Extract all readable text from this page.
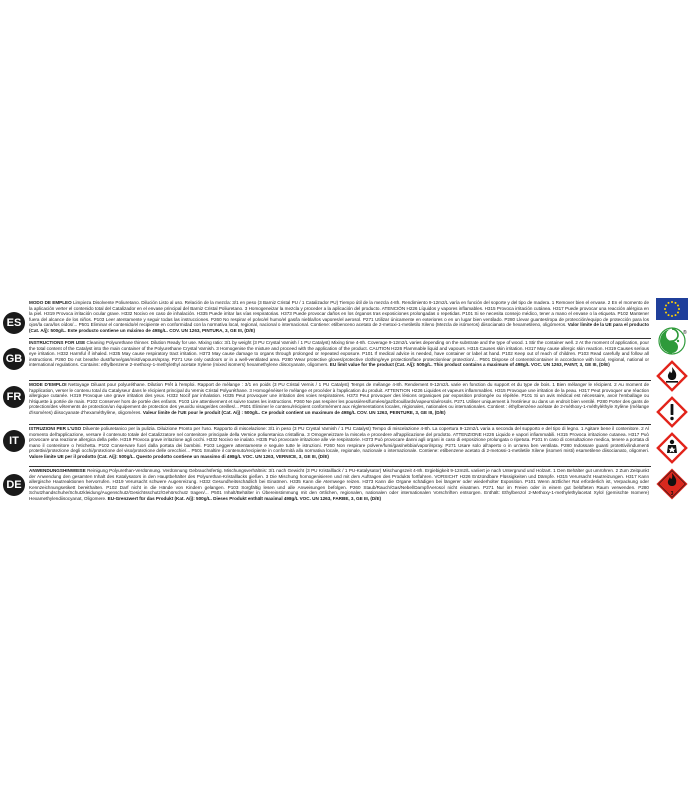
ES

MODO DE EMPLEO Limpieza Disolvente Poliuretano. Dilución Listo al uso. Relación de la mezcla: 3/1 en peso (3 Barniz Cristal PU / 1 Catalizador PU) Tiempo útil de la mezcla 4-8h. Rendimiento 9-12m2/L varía en función del soporte y del tipo de madera. 1 Remover bien el envase. 2 En el momento de la aplicación verter el contenido total del Catalizador en el envase principal del Barniz Cristal Poliuretano. 3 Homogeneizar la mezcla y proceder a la aplicación del producto. ATENCIÓN H226 Líquidos y vapores inflamables. H315 Provoca irritación cutánea. H317 Puede provocar una reacción alérgica en la piel. H319 Provoca irritación ocular grave. H332 Nocivo en caso de inhalación. H335 Puede irritar las vías respiratorias. H373 Puede provocar daños en los órganos tras exposiciones prolongadas o repetidas. P101 Si se necesita consejo médico, tener a mano el envase o la etiqueta. P102 Mantener fuera del alcance de los niños. P103 Leer atentamente y seguir todas las instrucciones. P260 No respirar el polvo/el humo/el gas/la niebla/los vapores/el aerosol. P271 Utilizar únicamente en exteriores o en un lugar bien ventilado. P280 Llevar guantes/ropa de protección/equipo de protección para los ojos/la cara/los oídos/... P501 Eliminar el contenido/el recipiente en conformidad con la normativa local, regional, nacional o internacional. Contiene: etilbenceno acetato de 2-metoxi-1-metiletilo Xileno (Mezcla de isómeros) diisocianato de hexametileno, oligómeros. Valor límite de la UE para el producto (Cat. A/j): 500g/L. Este producto contiene un máximo de 498g/L. COV. UN 1263, PINTURA, 3, GE III, (D/E)

GB

INSTRUCTIONS FOR USE Cleaning Polyurethane thinner. Dilution Ready for use. Mixing ratio: 3/1 by weight (3 PU Crystal Varnish / 1 PU Catalyst) Mixing time 4-8h. Coverage 9-12m2/L varies depending on the substrate and the type of wood. 1 Stir the container well. 2 At the moment of application, pour the total content of the Catalyst into the main container of the Polyurethane Crystal Varnish. 3 Homogenise the mixture and proceed with the application of the product. CAUTION H226 Flammable liquid and vapours. H315 Causes skin irritation. H317 May cause allergic skin reaction. H319 Causes serious eye irritation. H332 Harmful if inhaled. H335 May cause respiratory tract irritation. H373 May cause damage to organs through prolonged or repeated exposure. P101 If medical advice is needed, have container or label at hand. P102 Keep out of reach of children. P103 Read carefully and follow all instructions. P260 Do not breathe dust/fume/gas/mist/vapours/spray. P271 Use only outdoors or in a well-ventilated area. P280 Wear protective gloves/protective clothing/eye protection/face protection/ear protection/... P501 Dispose of contents/container in accordance with local, regional, national or international regulations. Contains: ethylbenzene 2-methoxy-1-methylethyl acetate Xylene (mixed isomers) hexamethylene diisocyanate, oligomers. EU limit value for the product (Cat. A/j): 500g/L. This product contains a maximum of 498g/L VOC. UN 1263, PAINT, 3, GE III, (D/E)

FR

MODE D'EMPLOI Nettoyage Diluant pour polyuréthane. Dilution Prêt à l'emploi. Rapport de mélange : 3/1 en poids (3 PU Cristal Vernis / 1 PU Catalyst) Temps de mélange 4-8h. Rendement 9-12m2/L varie en fonction du support et du type de bois. 1 Bien mélanger le récipient. 2 Au moment de l'application, verser le contenu total du Catalyseur dans le récipient principal du Vernis Cristal Polyuréthane. 3 Homogénéiser le mélange et procéder à l'application du produit. ATTENTION H226 Liquides et vapeurs inflammables. H315 Provoque une irritation de la peau. H317 Peut provoquer une réaction allergique cutanée. H319 Provoque une grave irritation des yeux. H332 Nocif par inhalation. H335 Peut provoquer une irritation des voies respiratoires. H373 Peut provoquer des lésions organiques par exposition prolongée ou répétée. P101 Si un avis médical est nécessaire, avoir l'emballage ou l'étiquette à portée de main. P102 Conserver hors de portée des enfants. P103 Lire attentivement et suivre toutes les instructions. P260 Ne pas respirer les poussières/fumées/gaz/brouillards/vapeurs/aérosols. P271 Utiliser uniquement à l'extérieur ou dans un endroit bien ventilé. P280 Porter des gants de protection/des vêtements de protection/un équipement de protection des yeux/du visage/des oreilles/... P501 Éliminer le contenu/récipient conformément aux réglementations locales, régionales, nationales ou internationales. Contient : éthylbenzène acétate de 2-méthoxy-1-méthyléthyle Xylène (mélange d'isomères) diisocyanate d'hexaméthylène, oligomères. Valeur limite de l'UE pour le produit (Cat. A/j) : 500g/L. Ce produit contient un maximum de 498g/L COV. UN 1263, PEINTURE, 3, GE III, (D/E)

IT

ISTRUZIONI PER L'USO Diluente poliuretanico per la pulizia. Diluizione Pronto per l'uso. Rapporto di miscelazione: 3/1 in peso (3 PU Crystal Varnish / 1 PU Catalyst) Tempo di miscelazione 4-8h. La copertura 9-12m2/L varia a seconda del supporto e del tipo di legno. 1 Agitare bene il contenitore. 2 Al momento dell'applicazione, versare il contenuto totale del Catalizzatore nel contenitore principale della Vernice poliuretanica cristallina. 3 Omogeneizzare la miscela e procedere all'applicazione del prodotto. ATTENZIONE H226 Liquido e vapori infiammabili. H315 Provoca irritazione cutanea. H317 Può provocare una reazione allergica della pelle. H319 Provoca grave irritazione agli occhi. H332 Nocivo se inalato. H335 Può provocare irritazione alle vie respiratorie. H373 Può provocare danni agli organi in caso di esposizione prolungata o ripetuta. P101 In caso di consultazione medica, tenere a portata di mano il contenitore o l'etichetta. P102 Conservare fuori dalla portata dei bambini. P103 Leggere attentamente e seguire tutte le istruzioni. P260 Non respirare polvere/fumi/gas/nebbia/vapori/spray. P271 Usare solo all'aperto o in un'area ben ventilata. P280 Indossare guanti protettivi/indumenti protettivi/protezione degli occhi/protezione del viso/protezione delle orecchie/... P501 Smaltire il contenuto/recipiente in conformità alla normativa locale, regionale, nazionale o internazionale. Contiene: etilbenzene acetato di 2-metossi-1-metiletile Xilene (isomeri misti) esametilene diisocianato, oligomeri. Valore limite UE per il prodotto (Cat. A/j): 500g/L. Questo prodotto contiene un massimo di 498g/L VOC. UN 1263, VERNICE, 3, GE III, (D/E)

DE

ANWENDUNGSHINWEISE Reinigung Polyurethan-Verdünnung. Verdünnung Gebrauchsfertig. Mischungsverhältnis: 3/1 nach Gewicht (3 PU Kristalllack / 1 PU-Katalysator) Mischungszeit 4-8h. Ergiebigkeit 9-12m2/L variiert je nach Untergrund und Holzart. 1 Den Behälter gut umrühren. 2 Zum Zeitpunkt der Anwendung den gesamten Inhalt des Katalysators in den Hauptbehälter des Polyurethan-Kristalllacks gießen. 3 Die Mischung homogenisieren und mit dem Auftragen des Produkts fortfahren. VORSICHT H226 Entzündbare Flüssigkeiten und Dämpfe. H315 Verursacht Hautreizungen. H317 Kann allergische Hautreaktionen hervorrufen. H319 Verursacht schwere Augenreizung. H332 Gesundheitsschädlich bei Einatmen. H335 Kann die Atemwege reizen. H373 Kann die Organe schädigen bei längerer oder wiederholter Exposition. P101 Wenn ärztlicher Rat erforderlich ist, Verpackung oder Kennzeichnungsetikett bereithalten. P102 Darf nicht in die Hände von Kindern gelangen. P103 Sorgfältig lesen und alle Anweisungen befolgen. P260 Staub/Rauch/Gas/Nebel/Dampf/Aerosol nicht einatmen. P271 Nur im Freien oder in einem gut belüfteten Raum verwenden. P280 Schutzhandschuhe/Schutzkleidung/Augenschutz/Gesichtsschutz/Gehörschutz tragen/... P501 Inhalt/Behälter in Übereinstimmung mit den örtlichen, regionalen, nationalen oder internationalen Vorschriften entsorgen. Enthält: Ethylbenzol 2-Methoxy-1-methylethylacetat Xylol (gemischte Isomere) Hexamethylendiisocyanat, Oligomere. EU-Grenzwert für das Produkt (Kat. A/j): 500g/L. Dieses Produkt enthält maximal 498g/L VOC. UN 1263, FARBE, 3, GE III, (D/E)

®
3
